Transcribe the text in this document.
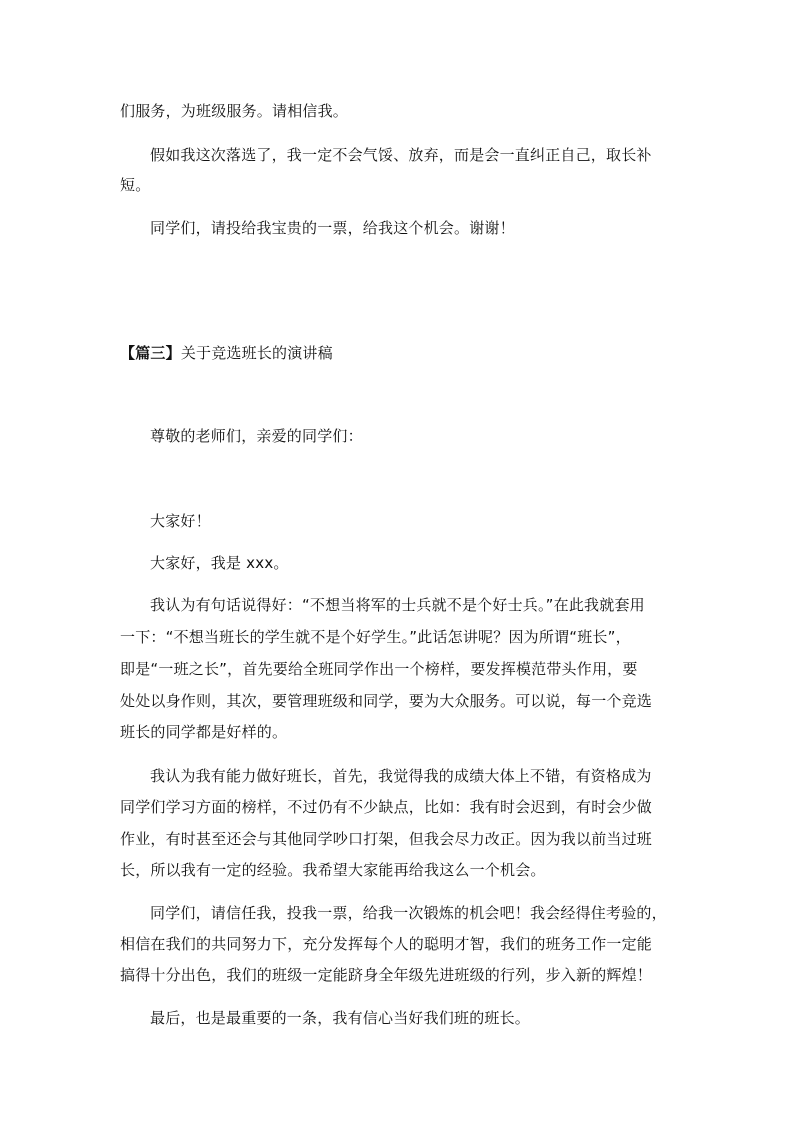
们服务，为班级服务。请相信我。
假如我这次落选了，我一定不会气馁、放弃，而是会一直纠正自己，取长补
短。
同学们，请投给我宝贵的一票，给我这个机会。谢谢！
【篇三】关于竞选班长的演讲稿
尊敬的老师们，亲爱的同学们：
大家好！
大家好，我是 xxx。
我认为有句话说得好：“不想当将军的士兵就不是个好士兵。”在此我就套用
一下：“不想当班长的学生就不是个好学生。”此话怎讲呢？因为所谓“班长”，
即是“一班之长”，首先要给全班同学作出一个榜样，要发挥模范带头作用，要
处处以身作则，其次，要管理班级和同学，要为大众服务。可以说，每一个竞选
班长的同学都是好样的。
我认为我有能力做好班长，首先，我觉得我的成绩大体上不错，有资格成为
同学们学习方面的榜样，不过仍有不少缺点，比如：我有时会迟到，有时会少做
作业，有时甚至还会与其他同学吵口打架，但我会尽力改正。因为我以前当过班
长，所以我有一定的经验。我希望大家能再给我这么一个机会。
同学们，请信任我，投我一票，给我一次锻炼的机会吧！我会经得住考验的，
相信在我们的共同努力下，充分发挥每个人的聪明才智，我们的班务工作一定能
搞得十分出色，我们的班级一定能跻身全年级先进班级的行列，步入新的辉煌！
最后，也是最重要的一条，我有信心当好我们班的班长。
